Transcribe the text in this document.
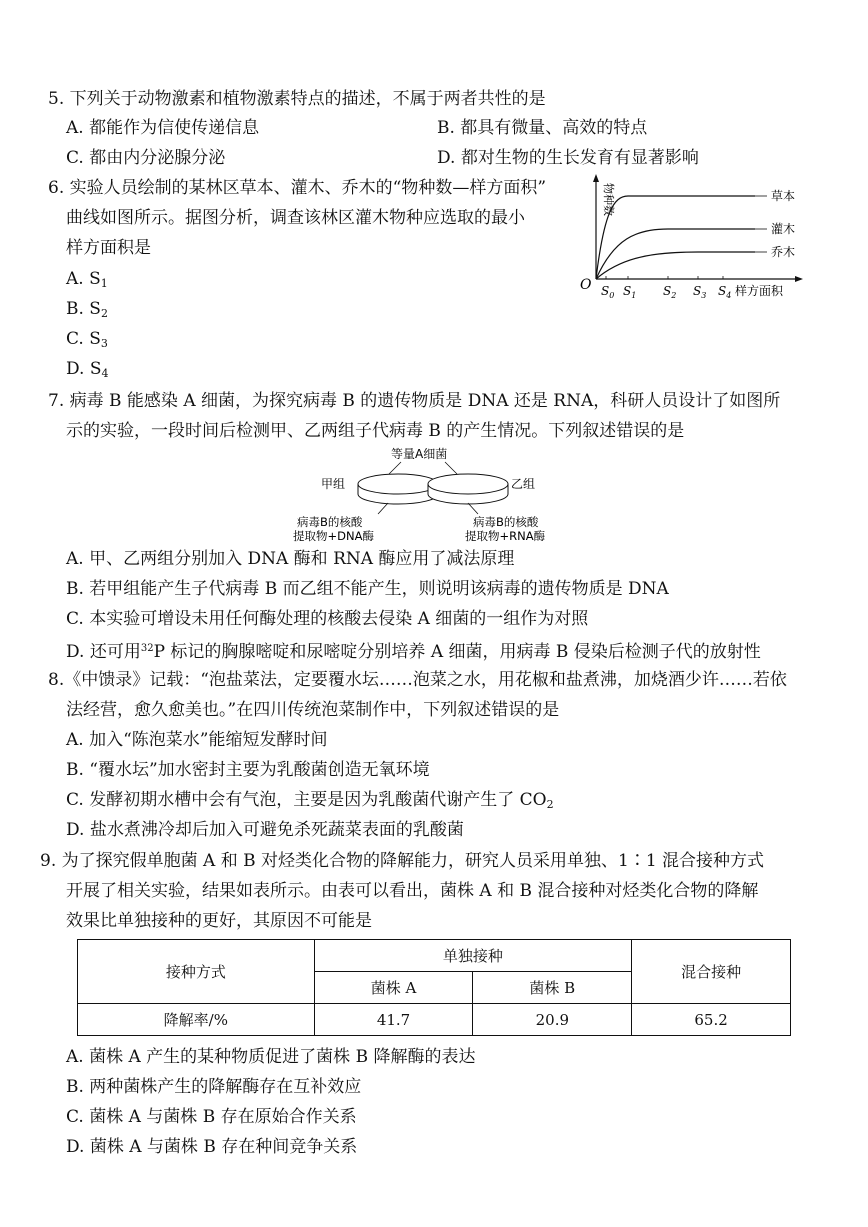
5. 下列关于动物激素和植物激素特点的描述，不属于两者共性的是
A. 都能作为信使传递信息	B. 都具有微量、高效的特点
C. 都由内分泌腺分泌	D. 都对生物的生长发育有显著影响
6. 实验人员绘制的某林区草本、灌木、乔木的“物种数—样方面积”
曲线如图所示。据图分析，调查该林区灌木物种应选取的最小
样方面积是
A. $S_1$
B. $S_2$
C. $S_3$
D. $S_4$
物种数
O $S_0$ $S_1$ $S_2$ $S_3$ $S_4$
草本
灌木
乔木
样方面积
7. 病毒 B 能感染 A 细菌，为探究病毒 B 的遗传物质是 DNA 还是 RNA，科研人员设计了如图所
示的实验，一段时间后检测甲、乙两组子代病毒 B 的产生情况。下列叙述错误的是
等量A细菌
甲组	乙组
病毒B的核酸
提取物+DNA酶
病毒B的核酸
提取物+RNA酶
A. 甲、乙两组分别加入 DNA 酶和 RNA 酶应用了减法原理
B. 若甲组能产生子代病毒 B 而乙组不能产生，则说明该病毒的遗传物质是 DNA
C. 本实验可增设未用任何酶处理的核酸去侵染 A 细菌的一组作为对照
D. 还可用$^{32}$P 标记的胸腺嘧啶和尿嘧啶分别培养 A 细菌，用病毒 B 侵染后检测子代的放射性
8.《中馈录》记载：“泡盐菜法，定要覆水坛……泡菜之水，用花椒和盐煮沸，加烧酒少许……若依
法经营，愈久愈美也。”在四川传统泡菜制作中，下列叙述错误的是
A. 加入“陈泡菜水”能缩短发酵时间
B. “覆水坛”加水密封主要为乳酸菌创造无氧环境
C. 发酵初期水槽中会有气泡，主要是因为乳酸菌代谢产生了 $CO_2$
D. 盐水煮沸冷却后加入可避免杀死蔬菜表面的乳酸菌
9. 为了探究假单胞菌 A 和 B 对烃类化合物的降解能力，研究人员采用单独、1∶1 混合接种方式
开展了相关实验，结果如表所示。由表可以看出，菌株 A 和 B 混合接种对烃类化合物的降解
效果比单独接种的更好，其原因不可能是
接种方式	单独接种		混合接种
	菌株 A	菌株 B	
降解率/%	41.7	20.9	65.2
A. 菌株 A 产生的某种物质促进了菌株 B 降解酶的表达
B. 两种菌株产生的降解酶存在互补效应
C. 菌株 A 与菌株 B 存在原始合作关系
D. 菌株 A 与菌株 B 存在种间竞争关系
